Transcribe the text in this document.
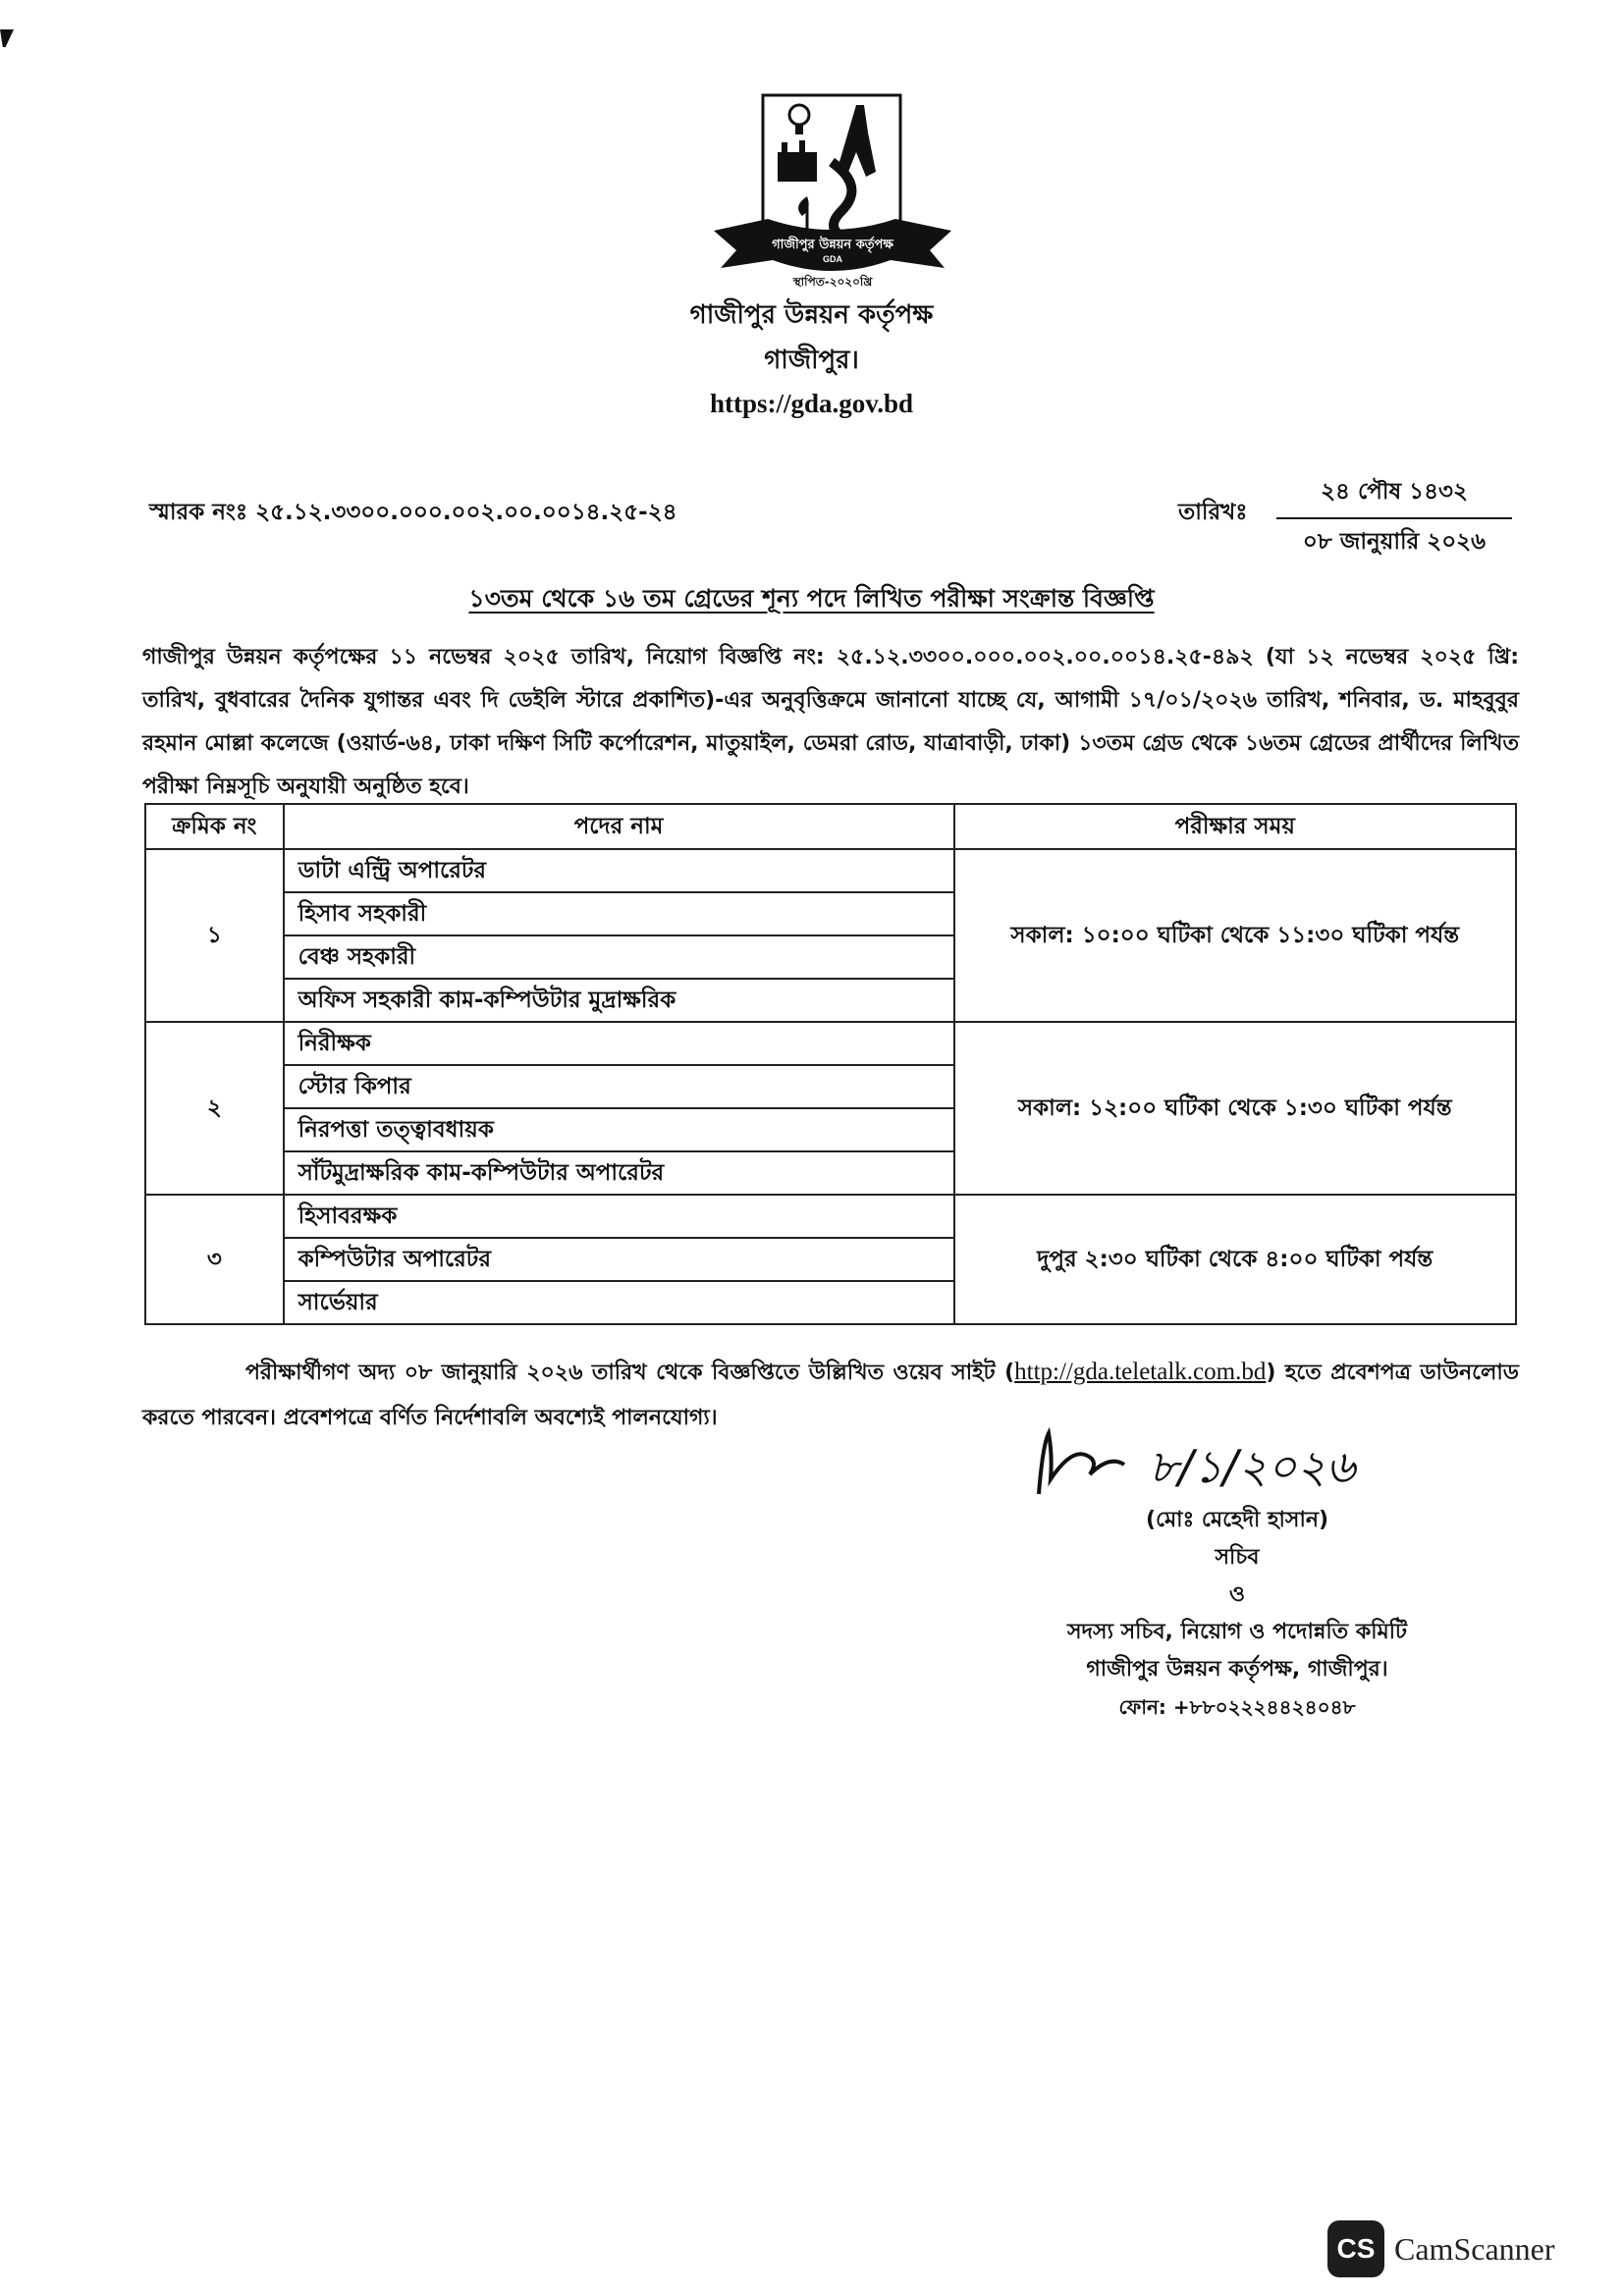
গাজীপুর উন্নয়ন কর্তৃপক্ষ
GDA
স্থাপিত-২০২০খ্রি
গাজীপুর উন্নয়ন কর্তৃপক্ষ
গাজীপুর।
https://gda.gov.bd
স্মারক নংঃ ২৫.১২.৩৩০০.০০০.০০২.০০.০০১৪.২৫-২৪	তারিখঃ
২৪ পৌষ ১৪৩২
০৮ জানুয়ারি ২০২৬
১৩তম থেকে ১৬ তম গ্রেডের শূন্য পদে লিখিত পরীক্ষা সংক্রান্ত বিজ্ঞপ্তি
গাজীপুর উন্নয়ন কর্তৃপক্ষের ১১ নভেম্বর ২০২৫ তারিখ, নিয়োগ বিজ্ঞপ্তি নং: ২৫.১২.৩৩০০.০০০.০০২.০০.০০১৪.২৫-৪৯২ (যা ১২ নভেম্বর ২০২৫ খ্রি: তারিখ, বুধবারের দৈনিক যুগান্তর এবং দি ডেইলি স্টারে প্রকাশিত)-এর অনুবৃত্তিক্রমে জানানো যাচ্ছে যে, আগামী ১৭/০১/২০২৬ তারিখ, শনিবার, ড. মাহবুবুর রহমান মোল্লা কলেজে (ওয়ার্ড-৬৪, ঢাকা দক্ষিণ সিটি কর্পোরেশন, মাতুয়াইল, ডেমরা রোড, যাত্রাবাড়ী, ঢাকা) ১৩তম গ্রেড থেকে ১৬তম গ্রেডের প্রার্থীদের লিখিত পরীক্ষা নিম্নসূচি অনুযায়ী অনুষ্ঠিত হবে।
ক্রমিক নং	পদের নাম	পরীক্ষার সময়
১	ডাটা এন্ট্রি অপারেটর	সকাল: ১০:০০ ঘটিকা থেকে ১১:৩০ ঘটিকা পর্যন্ত
	হিসাব সহকারী	
	বেঞ্চ সহকারী	
	অফিস সহকারী কাম-কম্পিউটার মুদ্রাক্ষরিক	
২	নিরীক্ষক	সকাল: ১২:০০ ঘটিকা থেকে ১:৩০ ঘটিকা পর্যন্ত
	স্টোর কিপার	
	নিরপত্তা তত্ত্বাবধায়ক	
	সাঁটমুদ্রাক্ষরিক কাম-কম্পিউটার অপারেটর	
৩	হিসাবরক্ষক	দুপুর ২:৩০ ঘটিকা থেকে ৪:০০ ঘটিকা পর্যন্ত
	কম্পিউটার অপারেটর	
	সার্ভেয়ার	
পরীক্ষার্থীগণ অদ্য ০৮ জানুয়ারি ২০২৬ তারিখ থেকে বিজ্ঞপ্তিতে উল্লিখিত ওয়েব সাইট (http://gda.teletalk.com.bd) হতে প্রবেশপত্র ডাউনলোড করতে পারবেন। প্রবেশপত্রে বর্ণিত নির্দেশাবলি অবশ্যেই পালনযোগ্য।
৮/১/২০২৬
(মোঃ মেহেদী হাসান)
সচিব
ও
সদস্য সচিব, নিয়োগ ও পদোন্নতি কমিটি
গাজীপুর উন্নয়ন কর্তৃপক্ষ, গাজীপুর।
ফোন: +৮৮০২২২৪৪২৪০৪৮
CS CamScanner
